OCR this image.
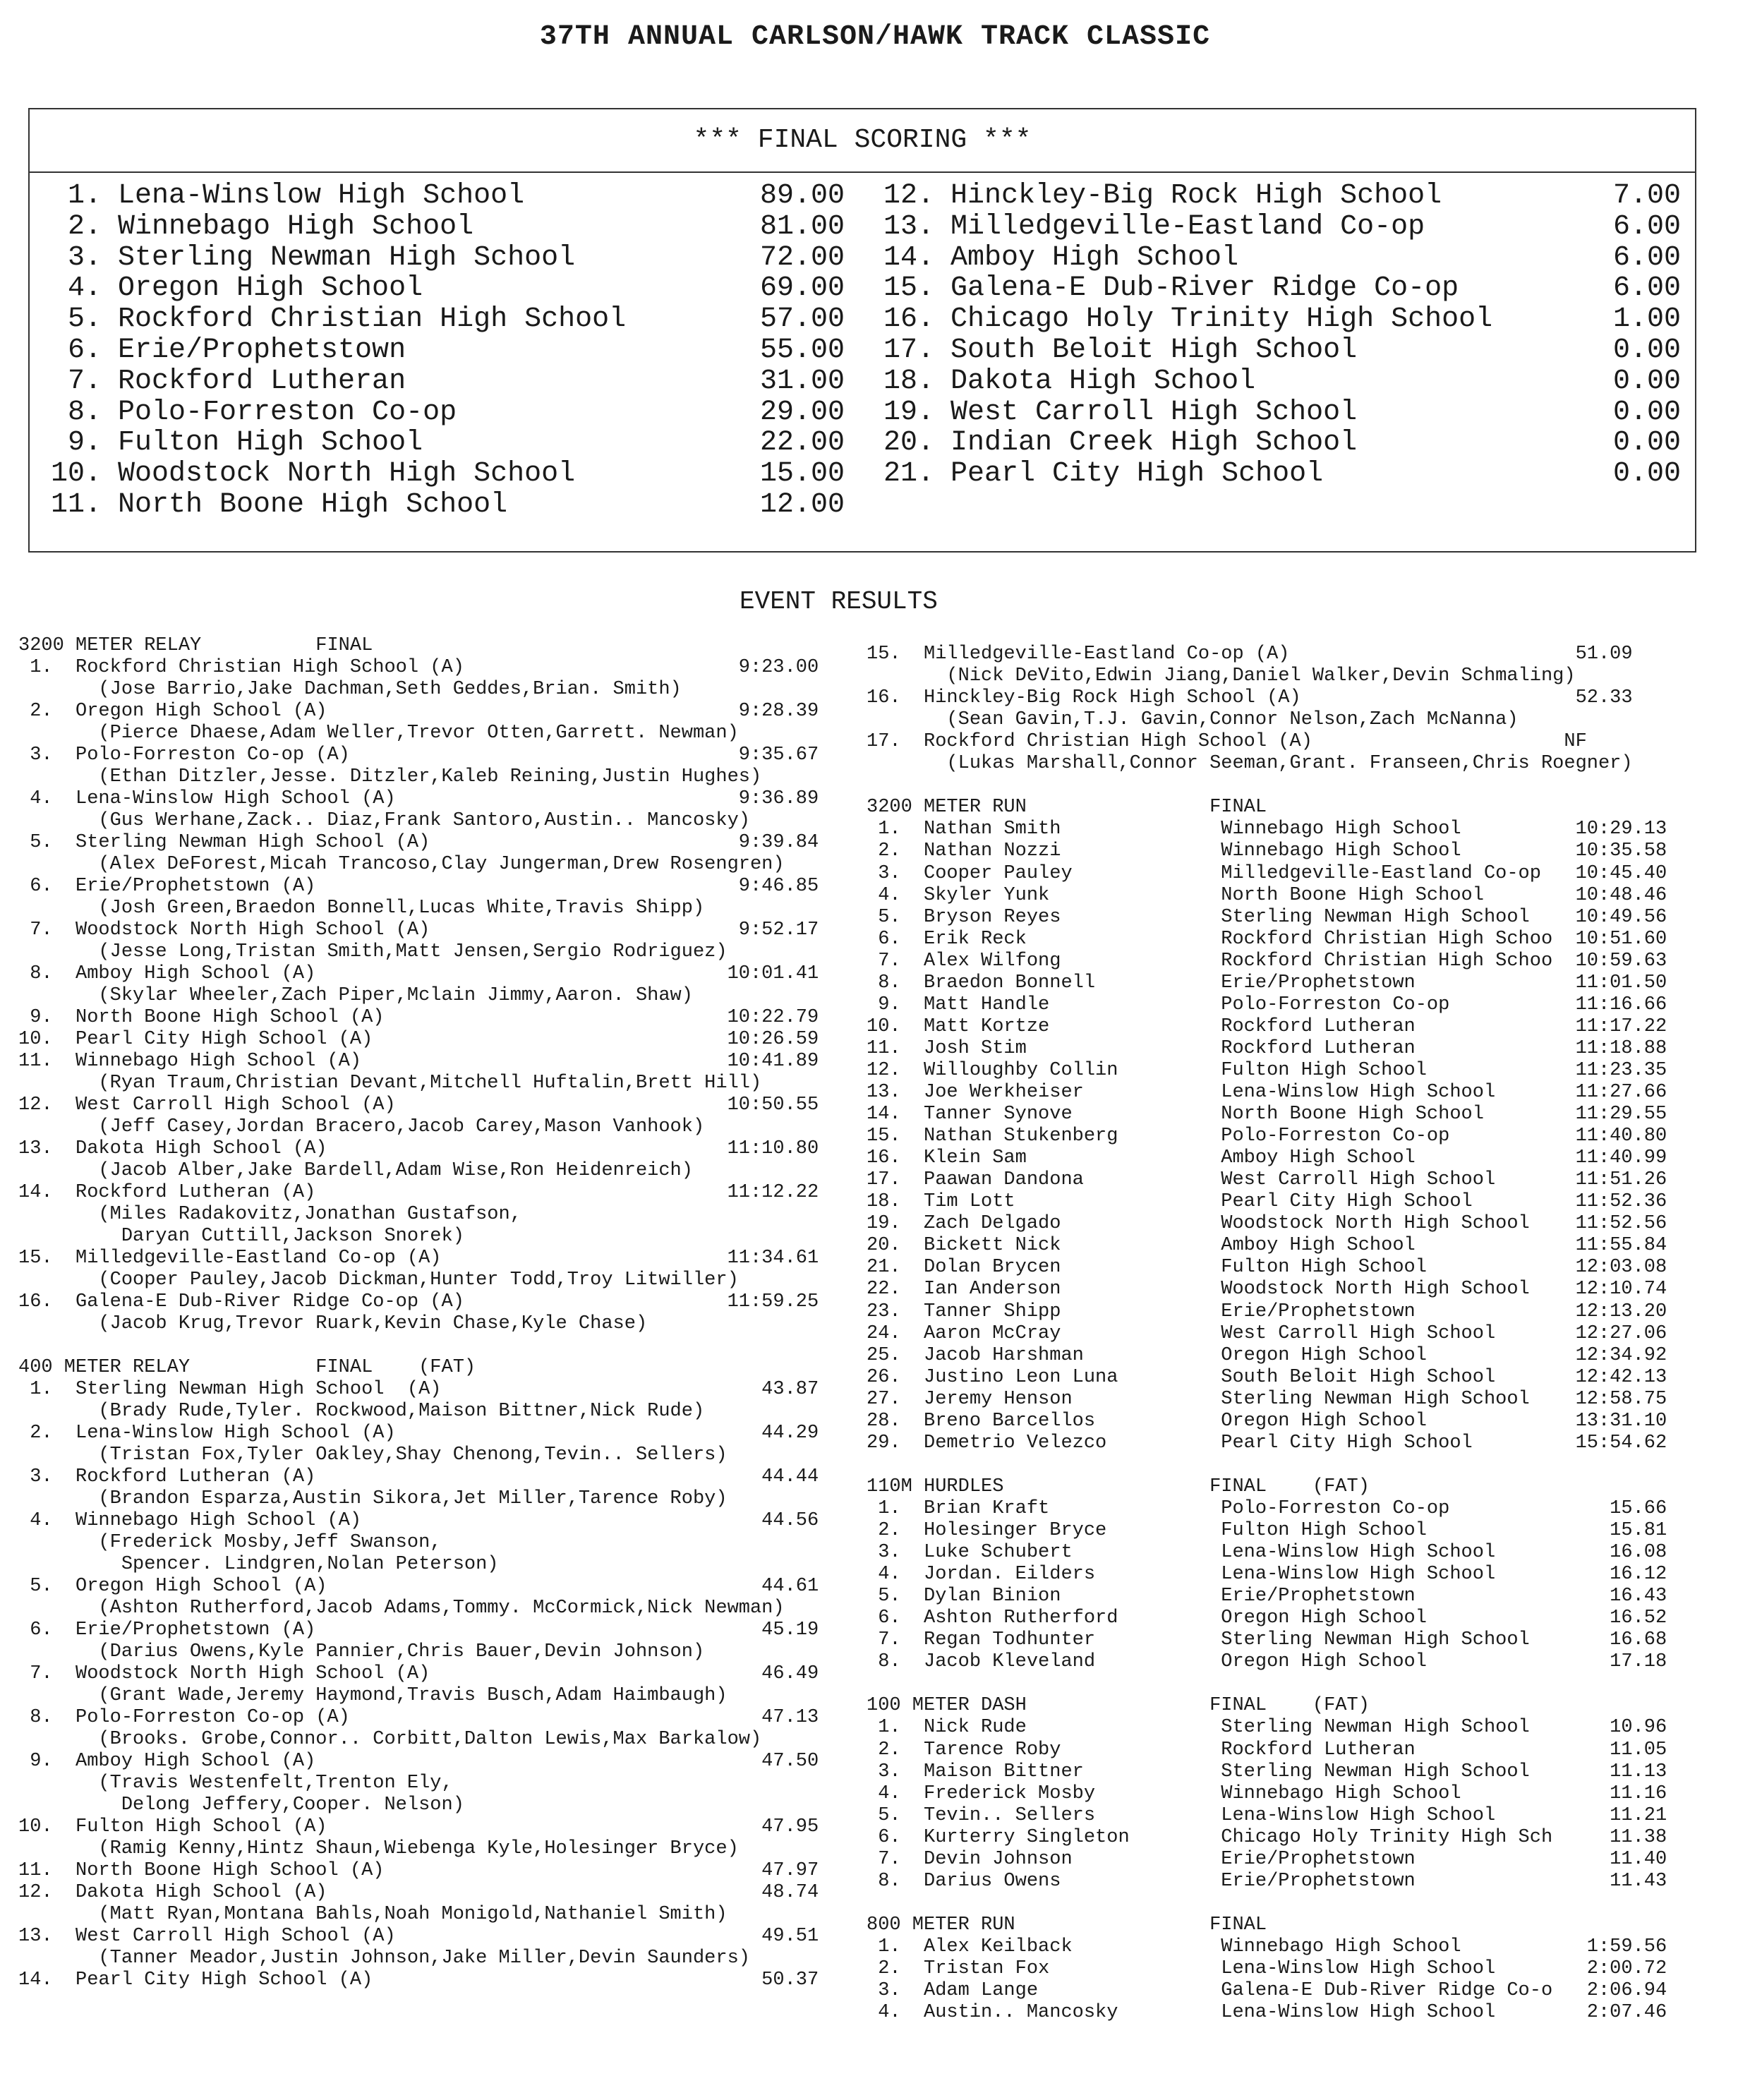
37TH ANNUAL CARLSON/HAWK TRACK CLASSIC
*** FINAL SCORING ***
1. Lena-Winslow High School	89.00
2. Winnebago High School	81.00
3. Sterling Newman High School	72.00
4. Oregon High School	69.00
5. Rockford Christian High School	57.00
6. Erie/Prophetstown	55.00
7. Rockford Lutheran	31.00
8. Polo-Forreston Co-op	29.00
9. Fulton High School	22.00
10. Woodstock North High School	15.00
11. North Boone High School	12.00
12. Hinckley-Big Rock High School	7.00
13. Milledgeville-Eastland Co-op	6.00
14. Amboy High School	6.00
15. Galena-E Dub-River Ridge Co-op	6.00
16. Chicago Holy Trinity High School	1.00
17. South Beloit High School	0.00
18. Dakota High School	0.00
19. West Carroll High School	0.00
20. Indian Creek High School	0.00
21. Pearl City High School	0.00
EVENT RESULTS
3200 METER RELAY          FINAL
1.  Rockford Christian High School (A)                        9:23.00
(Jose Barrio,Jake Dachman,Seth Geddes,Brian. Smith)
2.  Oregon High School (A)                                    9:28.39
(Pierce Dhaese,Adam Weller,Trevor Otten,Garrett. Newman)
3.  Polo-Forreston Co-op (A)                                  9:35.67
(Ethan Ditzler,Jesse. Ditzler,Kaleb Reining,Justin Hughes)
4.  Lena-Winslow High School (A)                              9:36.89
(Gus Werhane,Zack.. Diaz,Frank Santoro,Austin.. Mancosky)
5.  Sterling Newman High School (A)                           9:39.84
(Alex DeForest,Micah Trancoso,Clay Jungerman,Drew Rosengren)
6.  Erie/Prophetstown (A)                                     9:46.85
(Josh Green,Braedon Bonnell,Lucas White,Travis Shipp)
7.  Woodstock North High School (A)                           9:52.17
(Jesse Long,Tristan Smith,Matt Jensen,Sergio Rodriguez)
8.  Amboy High School (A)                                    10:01.41
(Skylar Wheeler,Zach Piper,Mclain Jimmy,Aaron. Shaw)
9.  North Boone High School (A)                              10:22.79
10.  Pearl City High School (A)                               10:26.59
11.  Winnebago High School (A)                                10:41.89
(Ryan Traum,Christian Devant,Mitchell Huftalin,Brett Hill)
12.  West Carroll High School (A)                             10:50.55
(Jeff Casey,Jordan Bracero,Jacob Carey,Mason Vanhook)
13.  Dakota High School (A)                                   11:10.80
(Jacob Alber,Jake Bardell,Adam Wise,Ron Heidenreich)
14.  Rockford Lutheran (A)                                    11:12.22
(Miles Radakovitz,Jonathan Gustafson,
Daryan Cuttill,Jackson Snorek)
15.  Milledgeville-Eastland Co-op (A)                         11:34.61
(Cooper Pauley,Jacob Dickman,Hunter Todd,Troy Litwiller)
16.  Galena-E Dub-River Ridge Co-op (A)                       11:59.25
(Jacob Krug,Trevor Ruark,Kevin Chase,Kyle Chase)
400 METER RELAY           FINAL    (FAT)
1.  Sterling Newman High School  (A)                            43.87
(Brady Rude,Tyler. Rockwood,Maison Bittner,Nick Rude)
2.  Lena-Winslow High School (A)                                44.29
(Tristan Fox,Tyler Oakley,Shay Chenong,Tevin.. Sellers)
3.  Rockford Lutheran (A)                                       44.44
(Brandon Esparza,Austin Sikora,Jet Miller,Tarence Roby)
4.  Winnebago High School (A)                                   44.56
(Frederick Mosby,Jeff Swanson,
Spencer. Lindgren,Nolan Peterson)
5.  Oregon High School (A)                                      44.61
(Ashton Rutherford,Jacob Adams,Tommy. McCormick,Nick Newman)
6.  Erie/Prophetstown (A)                                       45.19
(Darius Owens,Kyle Pannier,Chris Bauer,Devin Johnson)
7.  Woodstock North High School (A)                             46.49
(Grant Wade,Jeremy Haymond,Travis Busch,Adam Haimbaugh)
8.  Polo-Forreston Co-op (A)                                    47.13
(Brooks. Grobe,Connor.. Corbitt,Dalton Lewis,Max Barkalow)
9.  Amboy High School (A)                                       47.50
(Travis Westenfelt,Trenton Ely,
Delong Jeffery,Cooper. Nelson)
10.  Fulton High School (A)                                      47.95
(Ramig Kenny,Hintz Shaun,Wiebenga Kyle,Holesinger Bryce)
11.  North Boone High School (A)                                 47.97
12.  Dakota High School (A)                                      48.74
(Matt Ryan,Montana Bahls,Noah Monigold,Nathaniel Smith)
13.  West Carroll High School (A)                                49.51
(Tanner Meador,Justin Johnson,Jake Miller,Devin Saunders)
14.  Pearl City High School (A)                                  50.37
15.  Milledgeville-Eastland Co-op (A)                         51.09
(Nick DeVito,Edwin Jiang,Daniel Walker,Devin Schmaling)
16.  Hinckley-Big Rock High School (A)                        52.33
(Sean Gavin,T.J. Gavin,Connor Nelson,Zach McNanna)
17.  Rockford Christian High School (A)                      NF
(Lukas Marshall,Connor Seeman,Grant. Franseen,Chris Roegner)
3200 METER RUN                FINAL
1.  Nathan Smith              Winnebago High School          10:29.13
2.  Nathan Nozzi              Winnebago High School          10:35.58
3.  Cooper Pauley             Milledgeville-Eastland Co-op   10:45.40
4.  Skyler Yunk               North Boone High School        10:48.46
5.  Bryson Reyes              Sterling Newman High School    10:49.56
6.  Erik Reck                 Rockford Christian High Schoo  10:51.60
7.  Alex Wilfong              Rockford Christian High Schoo  10:59.63
8.  Braedon Bonnell           Erie/Prophetstown              11:01.50
9.  Matt Handle               Polo-Forreston Co-op           11:16.66
10.  Matt Kortze               Rockford Lutheran              11:17.22
11.  Josh Stim                 Rockford Lutheran              11:18.88
12.  Willoughby Collin         Fulton High School             11:23.35
13.  Joe Werkheiser            Lena-Winslow High School       11:27.66
14.  Tanner Synove             North Boone High School        11:29.55
15.  Nathan Stukenberg         Polo-Forreston Co-op           11:40.80
16.  Klein Sam                 Amboy High School              11:40.99
17.  Paawan Dandona            West Carroll High School       11:51.26
18.  Tim Lott                  Pearl City High School         11:52.36
19.  Zach Delgado              Woodstock North High School    11:52.56
20.  Bickett Nick              Amboy High School              11:55.84
21.  Dolan Brycen              Fulton High School             12:03.08
22.  Ian Anderson              Woodstock North High School    12:10.74
23.  Tanner Shipp              Erie/Prophetstown              12:13.20
24.  Aaron McCray              West Carroll High School       12:27.06
25.  Jacob Harshman            Oregon High School             12:34.92
26.  Justino Leon Luna         South Beloit High School       12:42.13
27.  Jeremy Henson             Sterling Newman High School    12:58.75
28.  Breno Barcellos           Oregon High School             13:31.10
29.  Demetrio Velezco          Pearl City High School         15:54.62
110M HURDLES                  FINAL    (FAT)
1.  Brian Kraft               Polo-Forreston Co-op              15.66
2.  Holesinger Bryce          Fulton High School                15.81
3.  Luke Schubert             Lena-Winslow High School          16.08
4.  Jordan. Eilders           Lena-Winslow High School          16.12
5.  Dylan Binion              Erie/Prophetstown                 16.43
6.  Ashton Rutherford         Oregon High School                16.52
7.  Regan Todhunter           Sterling Newman High School       16.68
8.  Jacob Kleveland           Oregon High School                17.18
100 METER DASH                FINAL    (FAT)
1.  Nick Rude                 Sterling Newman High School       10.96
2.  Tarence Roby              Rockford Lutheran                 11.05
3.  Maison Bittner            Sterling Newman High School       11.13
4.  Frederick Mosby           Winnebago High School             11.16
5.  Tevin.. Sellers           Lena-Winslow High School          11.21
6.  Kurterry Singleton        Chicago Holy Trinity High Sch     11.38
7.  Devin Johnson             Erie/Prophetstown                 11.40
8.  Darius Owens              Erie/Prophetstown                 11.43
800 METER RUN                 FINAL
1.  Alex Keilback             Winnebago High School           1:59.56
2.  Tristan Fox               Lena-Winslow High School        2:00.72
3.  Adam Lange                Galena-E Dub-River Ridge Co-o   2:06.94
4.  Austin.. Mancosky         Lena-Winslow High School        2:07.46
